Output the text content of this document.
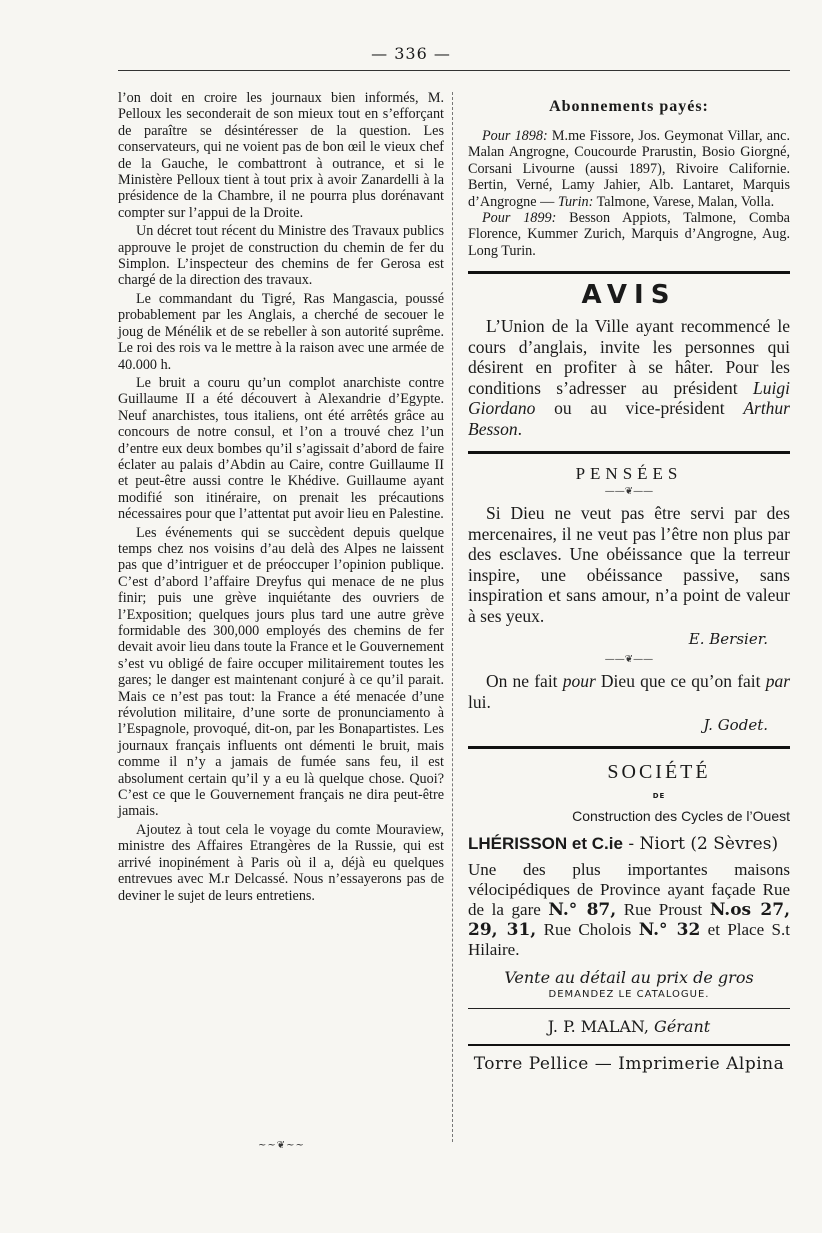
— 336 —

l’on doit en croire les journaux bien informés, M. Pelloux les seconderait de son mieux tout en s’efforçant de paraître se désintéresser de la question. Les conservateurs, qui ne voient pas de bon œil le vieux chef de la Gauche, le combattront à outrance, et si le Ministère Pelloux tient à tout prix à avoir Zanardelli à la présidence de la Chambre, il ne pourra plus dorénavant compter sur l’appui de la Droite.

Un décret tout récent du Ministre des Travaux publics approuve le projet de construction du chemin de fer du Simplon. L’inspecteur des chemins de fer Gerosa est chargé de la direction des travaux.

Le commandant du Tigré, Ras Mangascia, poussé probablement par les Anglais, a cherché de secouer le joug de Ménélik et de se rebeller à son autorité suprême. Le roi des rois va le mettre à la raison avec une armée de 40.000 h.

Le bruit a couru qu’un complot anarchiste contre Guillaume II a été découvert à Alexandrie d’Egypte. Neuf anarchistes, tous italiens, ont été arrêtés grâce au concours de notre consul, et l’on a trouvé chez l’un d’entre eux deux bombes qu’il s’agissait d’abord de faire éclater au palais d’Abdin au Caire, contre Guillaume II et peut-être aussi contre le Khédive. Guillaume ayant modifié son itinéraire, on prenait les précautions nécessaires pour que l’attentat put avoir lieu en Palestine.

Les événements qui se succèdent depuis quelque temps chez nos voisins d’au delà des Alpes ne laissent pas que d’intriguer et de préoccuper l’opinion publique. C’est d’abord l’affaire Dreyfus qui menace de ne plus finir; puis une grève inquiétante des ouvriers de l’Exposition; quelques jours plus tard une autre grève formidable des 300,000 employés des chemins de fer devait avoir lieu dans toute la France et le Gouvernement s’est vu obligé de faire occuper militairement toutes les gares; le danger est maintenant conjuré à ce qu’il parait. Mais ce n’est pas tout: la France a été menacée d’une révolution militaire, d’une sorte de pronunciamento à l’Espagnole, provoqué, dit-on, par les Bonapartistes. Les journaux français influents ont démenti le bruit, mais comme il n’y a jamais de fumée sans feu, il est absolument certain qu’il y a eu là quelque chose. Quoi? C’est ce que le Gouvernement français ne dira peut-être jamais.

Ajoutez à tout cela le voyage du comte Mouraview, ministre des Affaires Etrangères de la Russie, qui est arrivé inopinément à Paris où il a, déjà eu quelques entrevues avec M.r Delcassé. Nous n’essayerons pas de deviner le sujet de leurs entretiens.

~~❦~~
Abonnements payés:

Pour 1898: M.me Fissore, Jos. Geymonat Villar, anc. Malan Angrogne, Coucourde Prarustin, Bosio Giorgné, Corsani Livourne (aussi 1897), Rivoire Californie. Bertin, Verné, Lamy Jahier, Alb. Lantaret, Marquis d’Angrogne — Turin: Talmone, Varese, Malan, Volla.

Pour 1899: Besson Appiots, Talmone, Comba Florence, Kummer Zurich, Marquis d’Angrogne, Aug. Long Turin.

AVIS

L’Union de la Ville ayant recommencé le cours d’anglais, invite les personnes qui désirent en profiter à se hâter. Pour les conditions s’adresser au président Luigi Giordano ou au vice-président Arthur Besson.

PENSÉES
——❦——

Si Dieu ne veut pas être servi par des mercenaires, il ne veut pas l’être non plus par des esclaves. Une obéissance que la terreur inspire, une obéissance passive, sans inspiration et sans amour, n’a point de valeur à ses yeux.

E. Bersier.
——❦——

On ne fait pour Dieu que ce qu’on fait par lui.

J. Godet.
SOCIÉTÉ
DE
Construction des Cycles de l’Ouest
LHÉRISSON et C.ie - Niort (2 Sèvres)
Une des plus importantes maisons vélocipédiques de Province ayant façade Rue de la gare N.° 87, Rue Proust N.os 27, 29, 31, Rue Cholois N.° 32 et Place S.t Hilaire.
Vente au détail au prix de gros
DEMANDEZ LE CATALOGUE.
J. P. MALAN, Gérant
Torre Pellice — Imprimerie Alpina
